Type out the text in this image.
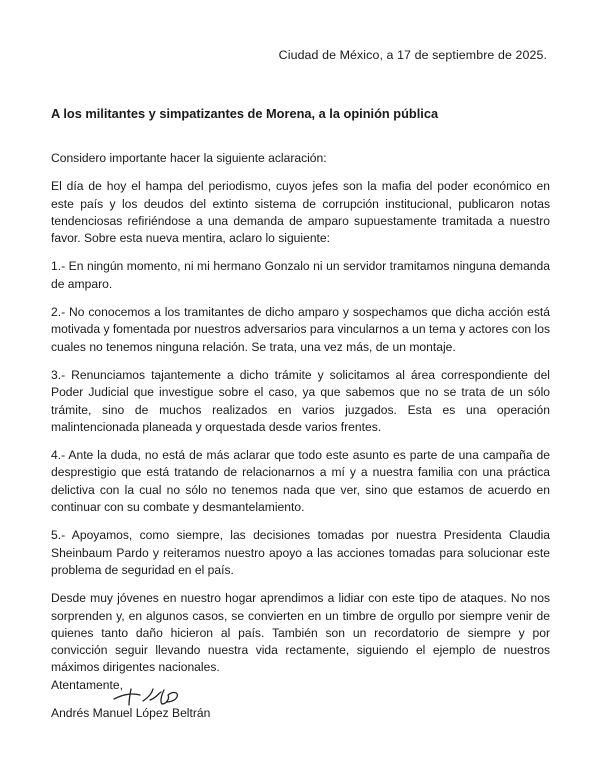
Ciudad de México, a 17 de septiembre de 2025.
A los militantes y simpatizantes de Morena, a la opinión pública

Considero importante hacer la siguiente aclaración:

El día de hoy el hampa del periodismo, cuyos jefes son la mafia del poder económico en este país y los deudos del extinto sistema de corrupción institucional, publicaron notas tendenciosas refiriéndose a una demanda de amparo supuestamente tramitada a nuestro favor. Sobre esta nueva mentira, aclaro lo siguiente:

1.- En ningún momento, ni mi hermano Gonzalo ni un servidor tramitamos ninguna demanda de amparo.

2.- No conocemos a los tramitantes de dicho amparo y sospechamos que dicha acción está motivada y fomentada por nuestros adversarios para vincularnos a un tema y actores con los cuales no tenemos ninguna relación. Se trata, una vez más, de un montaje.

3.- Renunciamos tajantemente a dicho trámite y solicitamos al área correspondiente del Poder Judicial que investigue sobre el caso, ya que sabemos que no se trata de un sólo trámite, sino de muchos realizados en varios juzgados. Esta es una operación malintencionada planeada y orquestada desde varios frentes.

4.- Ante la duda, no está de más aclarar que todo este asunto es parte de una campaña de desprestigio que está tratando de relacionarnos a mí y a nuestra familia con una práctica delictiva con la cual no sólo no tenemos nada que ver, sino que estamos de acuerdo en continuar con su combate y desmantelamiento.

5.- Apoyamos, como siempre, las decisiones tomadas por nuestra Presidenta Claudia Sheinbaum Pardo y reiteramos nuestro apoyo a las acciones tomadas para solucionar este problema de seguridad en el país.

Desde muy jóvenes en nuestro hogar aprendimos a lidiar con este tipo de ataques. No nos sorprenden y, en algunos casos, se convierten en un timbre de orgullo por siempre venir de quienes tanto daño hicieron al país. También son un recordatorio de siempre y por convicción seguir llevando nuestra vida rectamente, siguiendo el ejemplo de nuestros máximos dirigentes nacionales.

Atentamente,
Andrés Manuel López Beltrán
